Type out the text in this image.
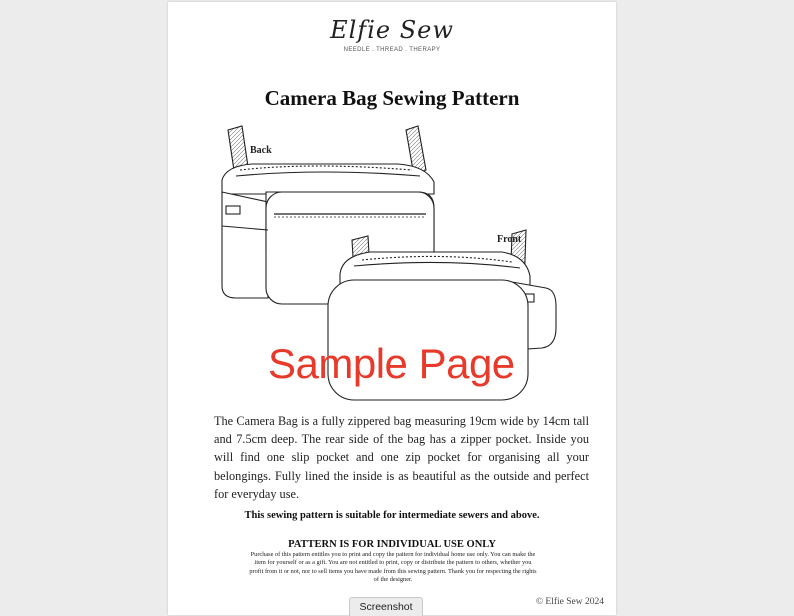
Elfie Sew
NEEDLE . THREAD . THERAPY
Camera Bag Sewing Pattern
Back
Front
Sample Page
The Camera Bag is a fully zippered bag measuring 19cm wide by 14cm tall and 7.5cm deep. The rear side of the bag has a zipper pocket. Inside you will find one slip pocket and one zip pocket for organising all your belongings. Fully lined the inside is as beautiful as the outside and perfect for everyday use.
This sewing pattern is suitable for intermediate sewers and above.
PATTERN IS FOR INDIVIDUAL USE ONLY
Purchase of this pattern entitles you to print and copy the pattern for individual home use only. You can make the item for yourself or as a gift. You are not entitled to print, copy or distribute the pattern to others, whether you profit from it or not, nor to sell items you have made from this sewing pattern. Thank you for respecting the rights of the designer.
© Elfie Sew 2024
Screenshot
